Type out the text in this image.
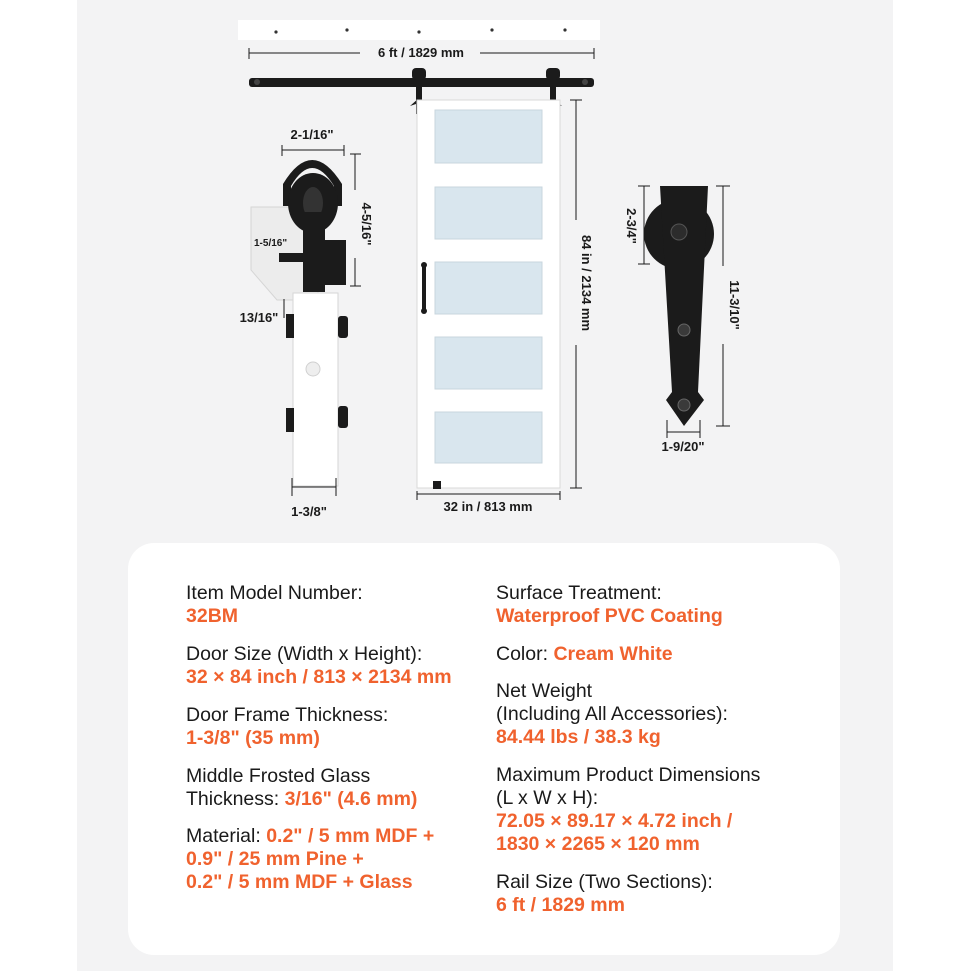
6 ft / 1829 mm
84 in / 2134 mm
32 in / 813 mm
2-1/16"
4-5/16"
1-5/16"
13/16"
1-3/8"
2-3/4"
11-3/10"
1-9/20"
Item Model Number:
32BM
Door Size (Width x Height):
32 × 84 inch / 813 × 2134 mm
Door Frame Thickness:
1-3/8" (35 mm)
Middle Frosted Glass
Thickness: 3/16" (4.6 mm)
Material: 0.2" / 5 mm MDF +
0.9" / 25 mm Pine +
0.2" / 5 mm MDF + Glass
Surface Treatment:
Waterproof PVC Coating
Color: Cream White
Net Weight
(Including All Accessories):
84.44 lbs / 38.3 kg
Maximum Product Dimensions
(L x W x H):
72.05 × 89.17 × 4.72 inch /
1830 × 2265 × 120 mm
Rail Size (Two Sections):
6 ft / 1829 mm
